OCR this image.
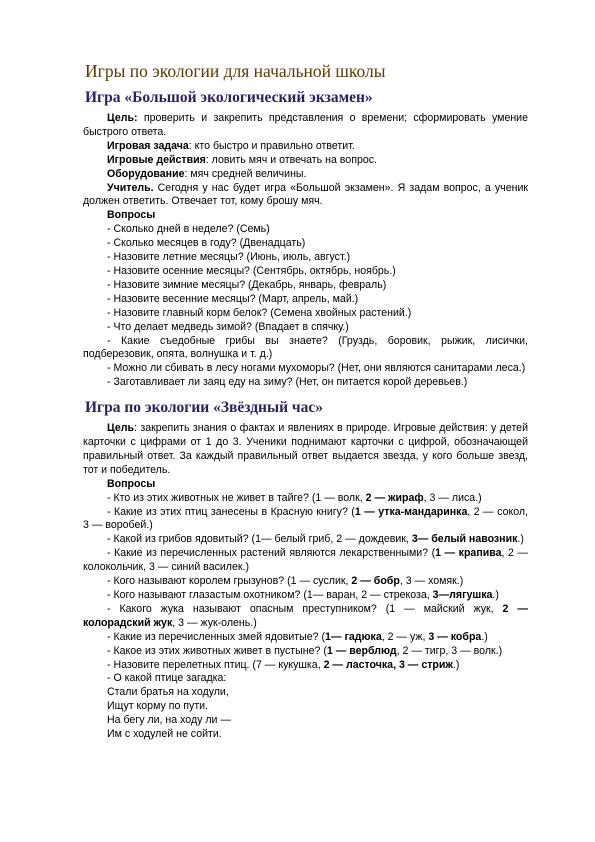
Игры по экологии для начальной школы
Игра «Большой экологический экзамен»

Цель: проверить и закрепить представления о времени; сформировать умение быстрого ответа.

Игровая задача: кто быстро и правильно ответит.

Игровые действия: ловить мяч и отвечать на вопрос.

Оборудование: мяч средней величины.

Учитель. Сегодня у нас будет игра «Большой экзамен». Я задам вопрос, а ученик должен ответить. Отвечает тот, кому брошу мяч.

Вопросы

- Сколько дней в неделе? (Семь)

- Сколько месяцев в году? (Двенадцать)

- Назовите летние месяцы? (Июнь, июль, август.)

- Назовите осенние месяцы? (Сентябрь, октябрь, ноябрь.)

- Назовите зимние месяцы? (Декабрь, январь, февраль)

- Назовите весенние месяцы? (Март, апрель, май.)

- Назовите главный корм белок? (Семена хвойных растений.)

- Что делает медведь зимой? (Впадает в спячку.)

- Какие съедобные грибы вы знаете? (Груздь, боровик, рыжик, лисички, подберезовик, опята, волнушка и т. д.)

- Можно ли сбивать в лесу ногами мухоморы? (Нет, они являются санитарами леса.)

- Заготавливает ли заяц еду на зиму? (Нет, он питается корой деревьев.)

Игра по экологии «Звёздный час»

Цель: закрепить знания о фактах и явлениях в природе. Игровые действия: у детей карточки с цифрами от 1 до 3. Ученики поднимают карточки с цифрой, обозначающей правильный ответ. За каждый правильный ответ выдается звезда, у кого больше звезд, тот и победитель.

Вопросы

- Кто из этих животных не живет в тайге? (1 — волк, 2 — жираф, 3 — лиса.)

- Какие из этих птиц занесены в Красную книгу? (1 — утка-мандаринка, 2 — сокол, 3 — воробей.)

- Какой из грибов ядовитый? (1— белый гриб, 2 — дождевик, 3— белый навозник.)

- Какие из перечисленных растений являются лекарственными? (1 — крапива, 2 — колокольчик, 3 — синий василек.)

- Кого называют королем грызунов? (1 — суслик, 2 — бобр, 3 — хомяк.)

- Кого называют глазастым охотником? (1— варан, 2 — стрекоза, 3—лягушка.)

- Какого жука называют опасным преступником? (1 — майский жук, 2 — колорадский жук, 3 — жук-олень.)

- Какие из перечисленных змей ядовитые? (1— гадюка, 2 — уж, 3 — кобра.)

- Какое из этих животных живет в пустыне? (1 — верблюд, 2 — тигр, 3 — волк.)

- Назовите перелетных птиц. (7 — кукушка, 2 — ласточка, 3 — стриж.)

- О какой птице загадка:

Стали братья на ходули,

Ищут корму по пути.

На бегу ли, на ходу ли —

Им с ходулей не сойти.
